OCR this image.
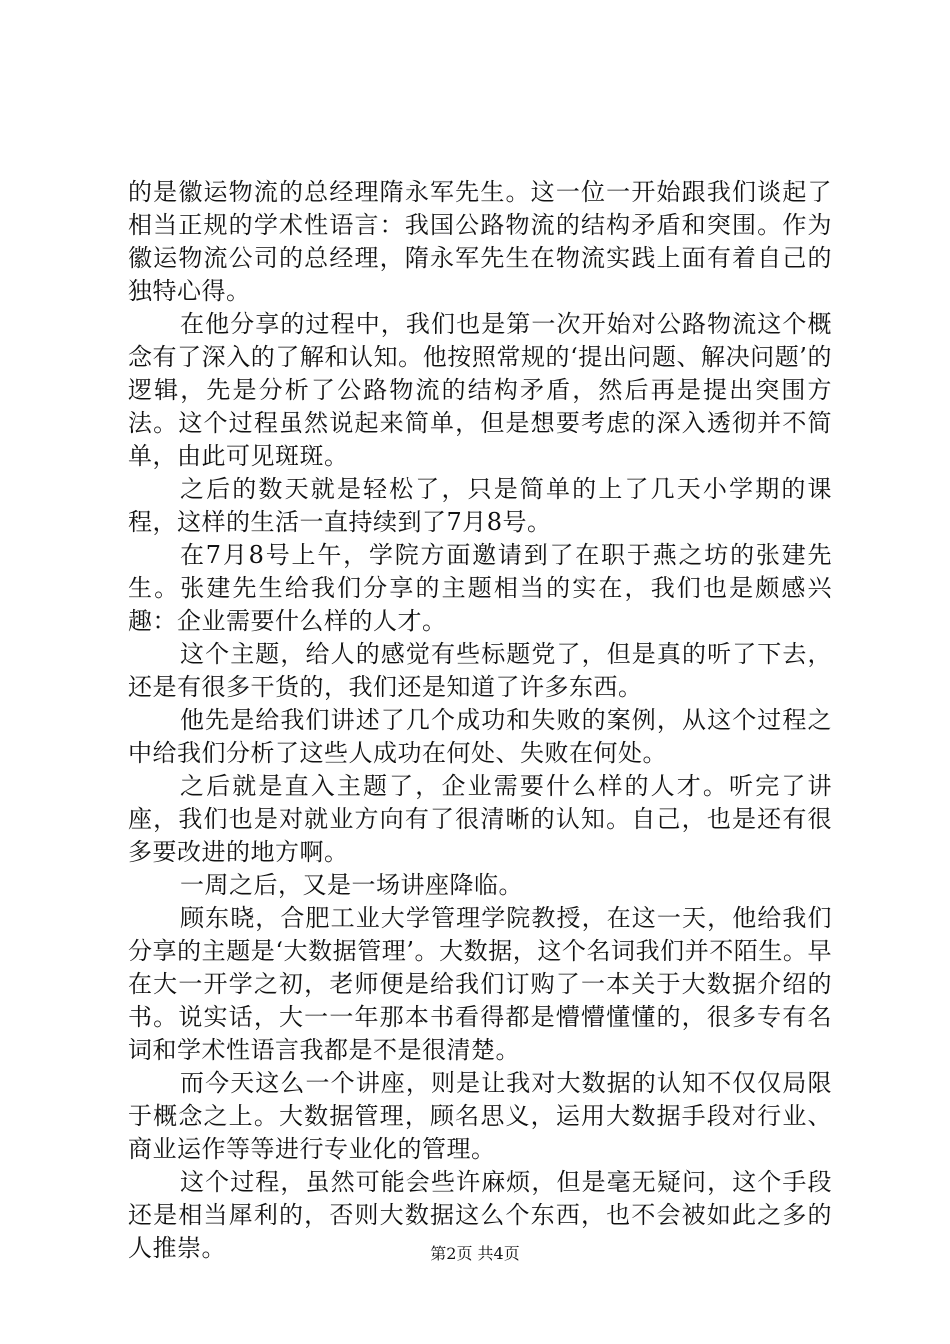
的是徽运物流的总经理隋永军先生。这一位一开始跟我们谈起了相当正规的学术性语言：我国公路物流的结构矛盾和突围。作为徽运物流公司的总经理，隋永军先生在物流实践上面有着自己的独特心得。

在他分享的过程中，我们也是第一次开始对公路物流这个概念有了深入的了解和认知。他按照常规的‘提出问题、解决问题’的逻辑，先是分析了公路物流的结构矛盾，然后再是提出突围方法。这个过程虽然说起来简单，但是想要考虑的深入透彻并不简单，由此可见斑斑。

之后的数天就是轻松了，只是简单的上了几天小学期的课程，这样的生活一直持续到了7月8号。

在7月8号上午，学院方面邀请到了在职于燕之坊的张建先生。张建先生给我们分享的主题相当的实在，我们也是颇感兴趣：企业需要什么样的人才。

这个主题，给人的感觉有些标题党了，但是真的听了下去，还是有很多干货的，我们还是知道了许多东西。

他先是给我们讲述了几个成功和失败的案例，从这个过程之中给我们分析了这些人成功在何处、失败在何处。

之后就是直入主题了，企业需要什么样的人才。听完了讲座，我们也是对就业方向有了很清晰的认知。自己，也是还有很多要改进的地方啊。

一周之后，又是一场讲座降临。

顾东晓，合肥工业大学管理学院教授，在这一天，他给我们分享的主题是‘大数据管理’。大数据，这个名词我们并不陌生。早在大一开学之初，老师便是给我们订购了一本关于大数据介绍的书。说实话，大一一年那本书看得都是懵懵懂懂的，很多专有名词和学术性语言我都是不是很清楚。

而今天这么一个讲座，则是让我对大数据的认知不仅仅局限于概念之上。大数据管理，顾名思义，运用大数据手段对行业、商业运作等等进行专业化的管理。

这个过程，虽然可能会些许麻烦，但是毫无疑问，这个手段还是相当犀利的，否则大数据这么个东西，也不会被如此之多的人推崇。	第2页 共4页
